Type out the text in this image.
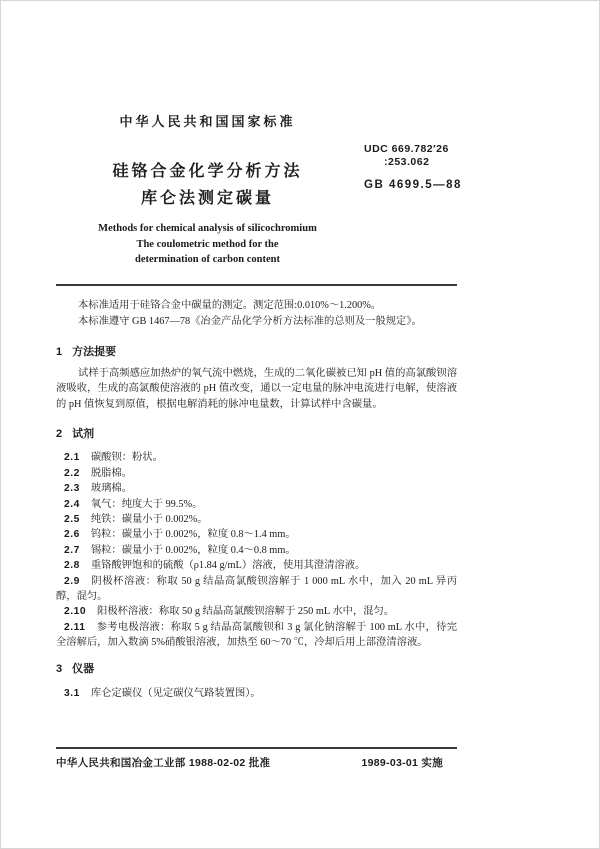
中华人民共和国国家标准
硅铬合金化学分析方法
库仑法测定碳量
Methods for chemical analysis of silicochromium
The coulometric method for the
determination of carbon content
UDC 669.782′26
:253.062
GB 4699.5—88

本标准适用于硅铬合金中碳量的测定。测定范围:0.010%～1.200%。

本标准遵守 GB 1467—78《冶金产品化学分析方法标准的总则及一般规定》。

1 方法提要

试样于高频感应加热炉的氧气流中燃烧，生成的二氧化碳被已知 pH 值的高氯酸钡溶液吸收，生成的高氯酸使溶液的 pH 值改变，通以一定电量的脉冲电流进行电解，使溶液的 pH 值恢复到原值，根据电解消耗的脉冲电量数，计算试样中含碳量。

2 试剂

2.1 碳酸钡：粉状。

2.2 脱脂棉。

2.3 玻璃棉。

2.4 氧气：纯度大于 99.5%。

2.5 纯铁：碳量小于 0.002%。

2.6 钨粒：碳量小于 0.002%，粒度 0.8～1.4 mm。

2.7 锡粒：碳量小于 0.002%，粒度 0.4～0.8 mm。

2.8 重铬酸钾饱和的硫酸（ρ1.84 g/mL）溶液，使用其澄清溶液。

2.9 阴极杯溶液：称取 50 g 结晶高氯酸钡溶解于 1 000 mL 水中，加入 20 mL 异丙醇，混匀。

2.10 阳极杯溶液：称取 50 g 结晶高氯酸钡溶解于 250 mL 水中，混匀。

2.11 参考电极溶液：称取 5 g 结晶高氯酸钡和 3 g 氯化钠溶解于 100 mL 水中，待完全溶解后，加入数滴 5%硝酸银溶液，加热至 60～70 ℃，冷却后用上部澄清溶液。

3 仪器

3.1 库仑定碳仪（见定碳仪气路装置图）。

中华人民共和国冶金工业部 1988-02-02 批准	1989-03-01 实施
